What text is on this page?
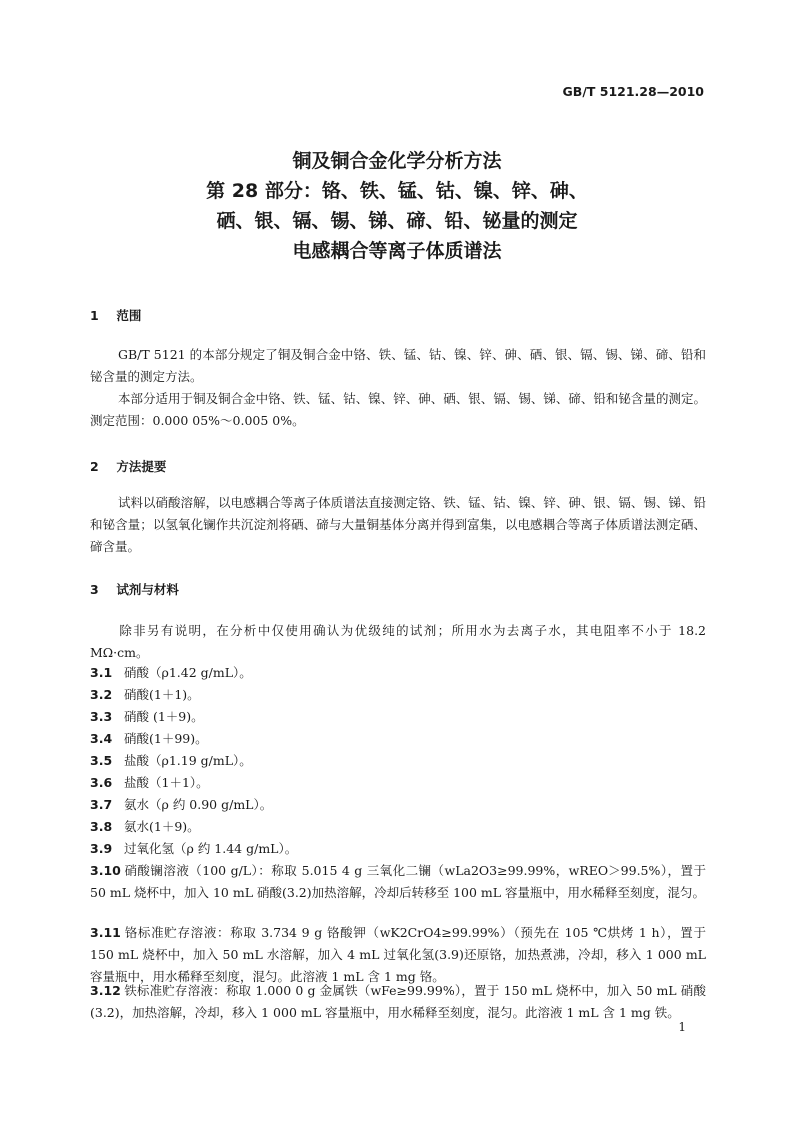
GB/T 5121.28—2010
铜及铜合金化学分析方法
第 28 部分：铬、铁、锰、钴、镍、锌、砷、
硒、银、镉、锡、锑、碲、铅、铋量的测定
电感耦合等离子体质谱法
1 范围
GB/T 5121 的本部分规定了铜及铜合金中铬、铁、锰、钴、镍、锌、砷、硒、银、镉、锡、锑、碲、铅和铋含量的测定方法。
本部分适用于铜及铜合金中铬、铁、锰、钴、镍、锌、砷、硒、银、镉、锡、锑、碲、铅和铋含量的测定。测定范围：0.000 05%～0.005 0%。
2 方法提要
试料以硝酸溶解，以电感耦合等离子体质谱法直接测定铬、铁、锰、钴、镍、锌、砷、银、镉、锡、锑、铅和铋含量；以氢氧化镧作共沉淀剂将硒、碲与大量铜基体分离并得到富集，以电感耦合等离子体质谱法测定硒、碲含量。
3 试剂与材料
除非另有说明，在分析中仅使用确认为优级纯的试剂；所用水为去离子水，其电阻率不小于 18.2 MΩ·cm。
3.1 硝酸（ρ1.42 g/mL）。
3.2 硝酸(1＋1)。
3.3 硝酸 (1＋9)。
3.4 硝酸(1＋99)。
3.5 盐酸（ρ1.19 g/mL）。
3.6 盐酸（1＋1）。
3.7 氨水（ρ 约 0.90 g/mL）。
3.8 氨水(1＋9)。
3.9 过氧化氢（ρ 约 1.44 g/mL）。
3.10 硝酸镧溶液（100 g/L）：称取 5.015 4 g 三氧化二镧（wLa2O3≥99.99%，wREO＞99.5%），置于 50 mL 烧杯中，加入 10 mL 硝酸(3.2)加热溶解，冷却后转移至 100 mL 容量瓶中，用水稀释至刻度，混匀。
3.11 铬标准贮存溶液：称取 3.734 9 g 铬酸钾（wK2CrO4≥99.99%）（预先在 105 ℃烘烤 1 h），置于 150 mL 烧杯中，加入 50 mL 水溶解，加入 4 mL 过氧化氢(3.9)还原铬，加热煮沸，冷却，移入 1 000 mL 容量瓶中，用水稀释至刻度，混匀。此溶液 1 mL 含 1 mg 铬。
3.12 铁标准贮存溶液：称取 1.000 0 g 金属铁（wFe≥99.99%），置于 150 mL 烧杯中，加入 50 mL 硝酸(3.2)，加热溶解，冷却，移入 1 000 mL 容量瓶中，用水稀释至刻度，混匀。此溶液 1 mL 含 1 mg 铁。
1
